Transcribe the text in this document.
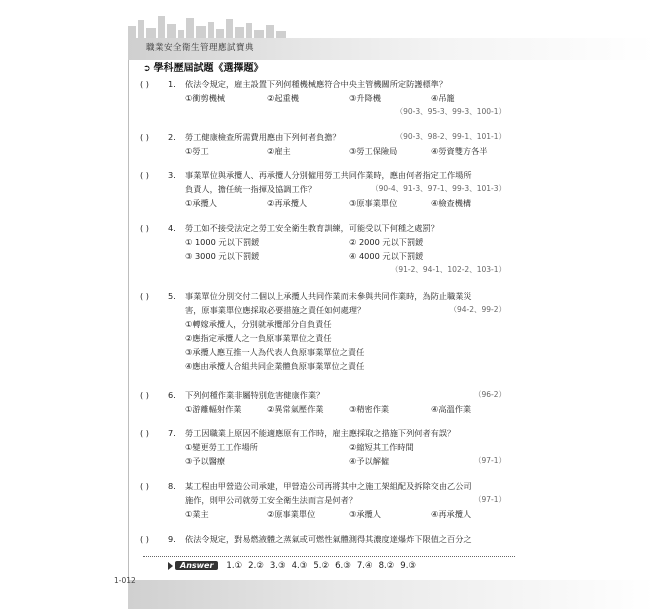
職業安全衛生管理應試寶典
1-012
➲ 學科歷屆試題《選擇題》
( ) 1. 依法令規定，雇主設置下列何種機械應符合中央主管機關所定防護標準？
①衝剪機械	②起重機	③升降機	④吊籠
（90-3、95-3、99-3、100-1）
( ) 2.	（90-3、98-2、99-1、101-1）
勞工健康檢查所需費用應由下列何者負擔？
①勞工	②雇主	③勞工保險局	④勞資雙方各半
( ) 3.
（90-4、91-3、97-1、99-3、101-3）
事業單位與承攬人、再承攬人分別僱用勞工共同作業時，應由何者指定工作場所
負責人，擔任統一指揮及協調工作？
①承攬人	②再承攬人	③原事業單位	④檢查機構
( ) 4. 勞工如不接受法定之勞工安全衛生教育訓練，可能受以下何種之處罰？
① 1000 元以下罰鍰	② 2000 元以下罰鍰
③ 3000 元以下罰鍰	④ 4000 元以下罰鍰
（91-2、94-1、102-2、103-1）
( ) 5.
（94-2、99-2）
事業單位分別交付二個以上承攬人共同作業而未參與共同作業時，為防止職業災
害，原事業單位應採取必要措施之責任如何處理？
①轉嫁承攬人，分別就承攬部分自負責任
②應指定承攬人之一負原事業單位之責任
③承攬人應互推一人為代表人負原事業單位之責任
④應由承攬人合組共同企業體負原事業單位之責任
( ) 6.	（96-2）
下列何種作業非屬特別危害健康作業？
①游離輻射作業	②異常氣壓作業	③精密作業	④高溫作業
( ) 7.
（97-1）
勞工因職業上原因不能適應原有工作時，雇主應採取之措施下列何者有誤？
①變更勞工工作場所	②縮短其工作時間
③予以醫療	④予以解僱
( ) 8.
（97-1）
某工程由甲營造公司承建，甲營造公司再將其中之施工架組配及拆除交由乙公司
施作，則甲公司就勞工安全衛生法而言是何者？
①業主	②原事業單位	③承攬人	④再承攬人
( ) 9. 依法令規定，對易燃液體之蒸氣或可燃性氣體測得其濃度達爆炸下限值之百分之
Answer 1.① 2.② 3.③ 4.③ 5.② 6.③ 7.④ 8.② 9.③
